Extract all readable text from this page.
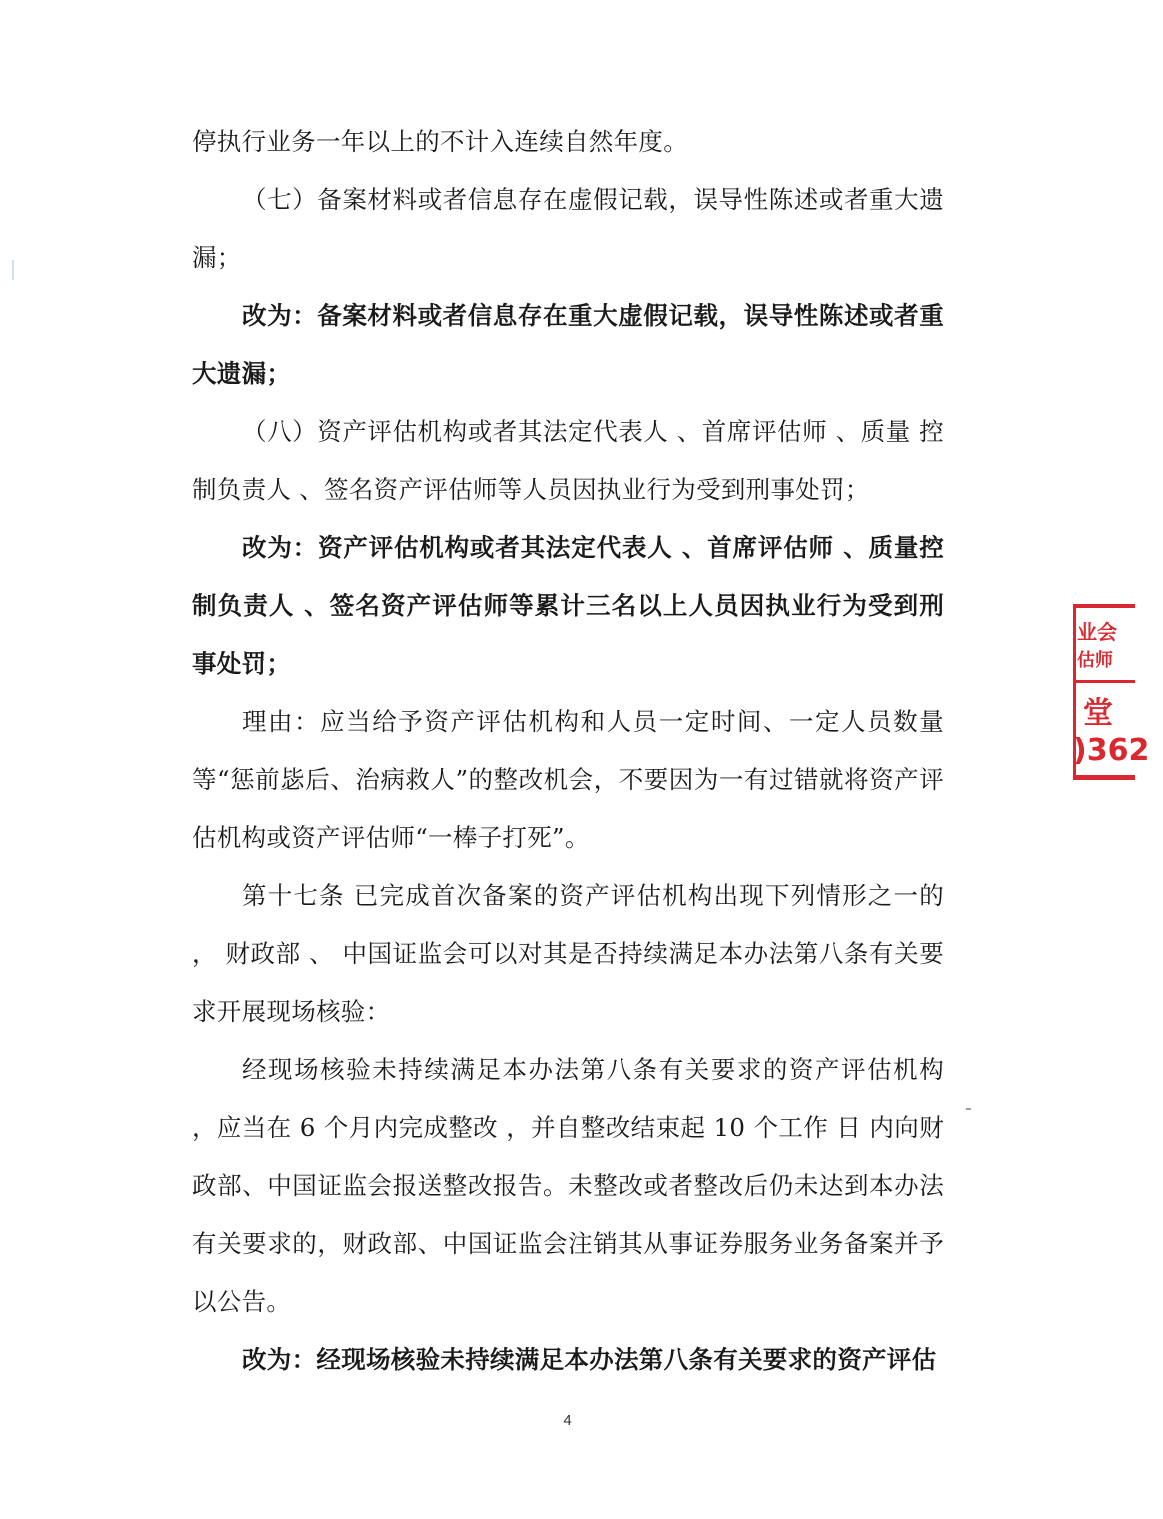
停执行业务一年以上的不计入连续自然年度。

（七）备案材料或者信息存在虚假记载，误导性陈述或者重大遗漏；

改为：备案材料或者信息存在重大虚假记载，误导性陈述或者重大遗漏；

（八）资产评估机构或者其法定代表人 、首席评估师 、质量 控制负责人 、签名资产评估师等人员因执业行为受到刑事处罚；

改为：资产评估机构或者其法定代表人 、首席评估师 、质量控制负责人 、签名资产评估师等累计三名以上人员因执业行为受到刑事处罚；

理由：应当给予资产评估机构和人员一定时间、一定人员数量等“惩前毖后、治病救人”的整改机会，不要因为一有过错就将资产评估机构或资产评估师“一棒子打死”。

第十七条 已完成首次备案的资产评估机构出现下列情形之一的 ， 财政部 、 中国证监会可以对其是否持续满足本办法第八条有关要求开展现场核验：

经现场核验未持续满足本办法第八条有关要求的资产评估机构 ，应当在 6 个月内完成整改 ，并自整改结束起 10 个工作 日 内向财政部、中国证监会报送整改报告。未整改或者整改后仍未达到本办法有关要求的，财政部、中国证监会注销其从事证券服务业务备案并予以公告。

改为：经现场核验未持续满足本办法第八条有关要求的资产评估

4
业会
估师
堂
)362
